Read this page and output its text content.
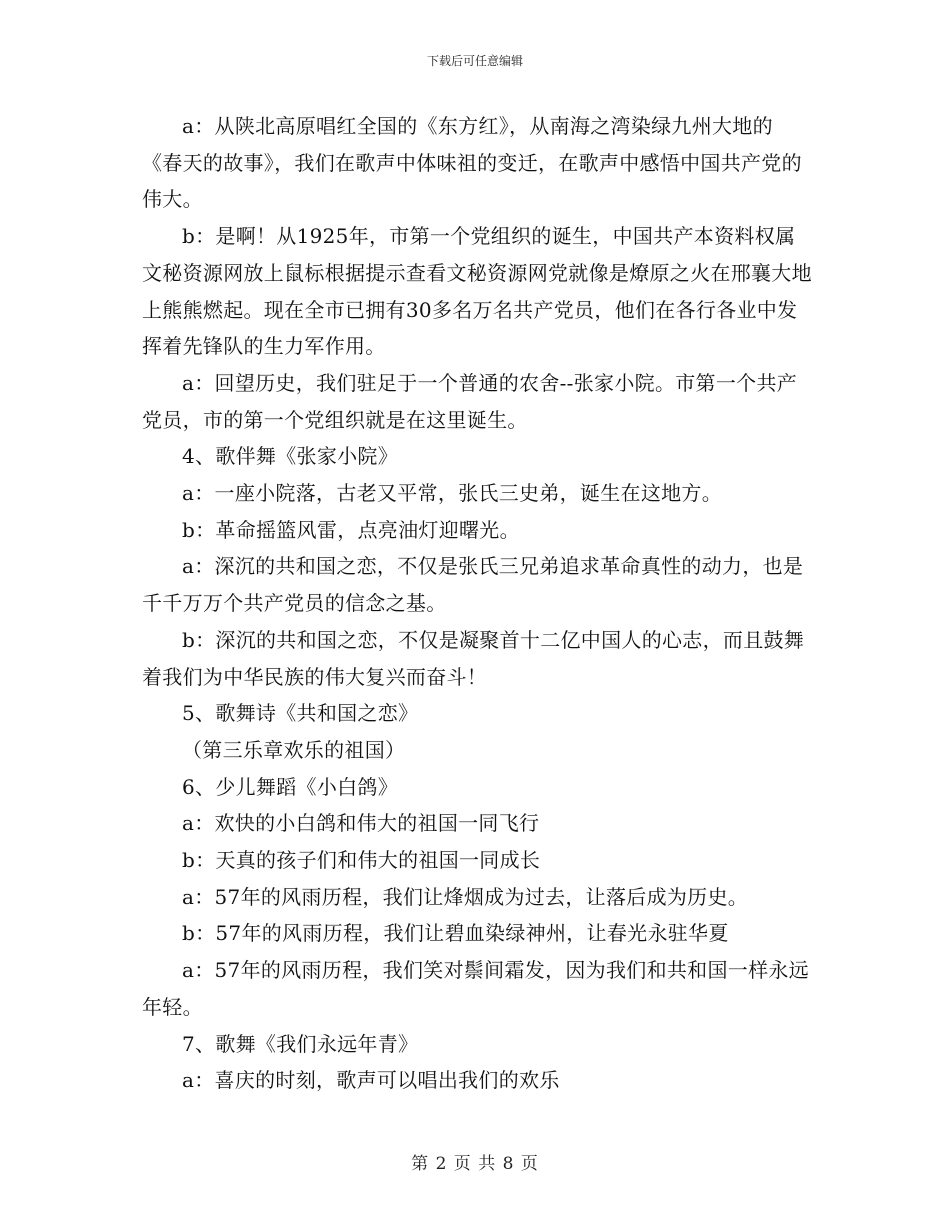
下载后可任意编辑

a：从陕北高原唱红全国的《东方红》，从南海之湾染绿九州大地的《春天的故事》，我们在歌声中体味祖的变迁，在歌声中感悟中国共产党的伟大。

b：是啊！从1925年，市第一个党组织的诞生，中国共产本资料权属文秘资源网放上鼠标根据提示查看文秘资源网党就像是燎原之火在邢襄大地上熊熊燃起。现在全市已拥有30多名万名共产党员，他们在各行各业中发挥着先锋队的生力军作用。

a：回望历史，我们驻足于一个普通的农舍--张家小院。市第一个共产党员，市的第一个党组织就是在这里诞生。

4、歌伴舞《张家小院》

a：一座小院落，古老又平常，张氏三史弟，诞生在这地方。

b：革命摇篮风雷，点亮油灯迎曙光。

a：深沉的共和国之恋，不仅是张氏三兄弟追求革命真性的动力，也是千千万万个共产党员的信念之基。

b：深沉的共和国之恋，不仅是凝聚首十二亿中国人的心志，而且鼓舞着我们为中华民族的伟大复兴而奋斗！

5、歌舞诗《共和国之恋》

（第三乐章欢乐的祖国）

6、少儿舞蹈《小白鸽》

a：欢快的小白鸽和伟大的祖国一同飞行

b：天真的孩子们和伟大的祖国一同成长

a：57年的风雨历程，我们让烽烟成为过去，让落后成为历史。

b：57年的风雨历程，我们让碧血染绿神州，让春光永驻华夏

a：57年的风雨历程，我们笑对鬃间霜发，因为我们和共和国一样永远年轻。

7、歌舞《我们永远年青》

a：喜庆的时刻，歌声可以唱出我们的欢乐

第 2 页 共 8 页
